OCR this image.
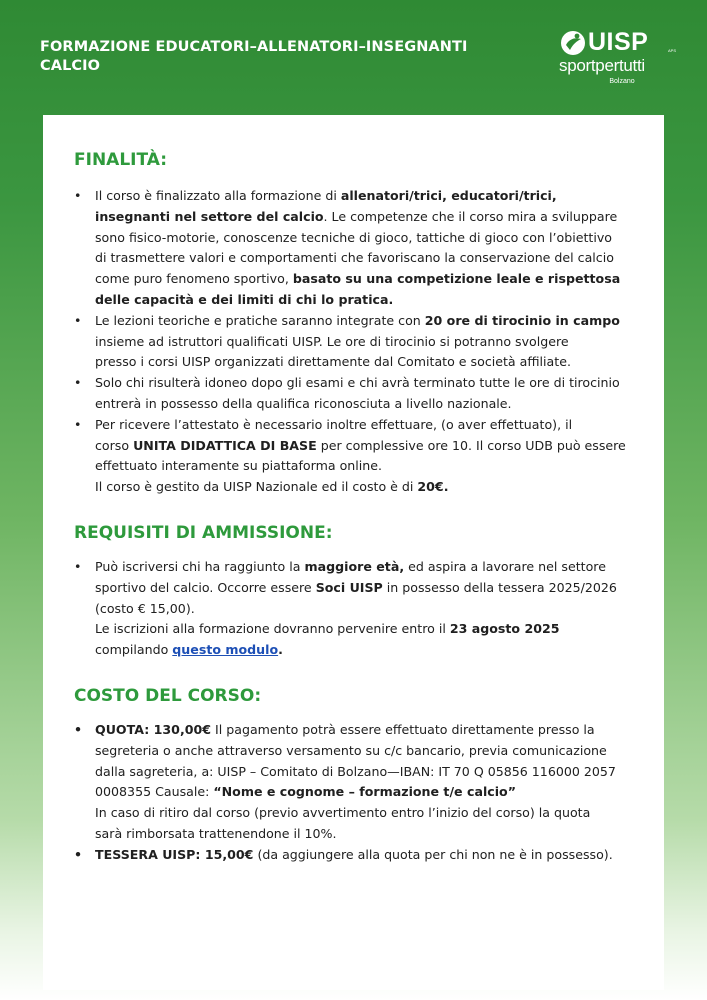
FORMAZIONE EDUCATORI–ALLENATORI–INSEGNANTI
CALCIO
UISP	APS
sportpertutti
Bolzano
FINALITÀ:
• Il corso è finalizzato alla formazione di allenatori/trici, educatori/trici,
insegnanti nel settore del calcio. Le competenze che il corso mira a sviluppare
sono fisico-motorie, conoscenze tecniche di gioco, tattiche di gioco con l’obiettivo
di trasmettere valori e comportamenti che favoriscano la conservazione del calcio
come puro fenomeno sportivo, basato su una competizione leale e rispettosa
delle capacità e dei limiti di chi lo pratica.
• Le lezioni teoriche e pratiche saranno integrate con 20 ore di tirocinio in campo
insieme ad istruttori qualificati UISP. Le ore di tirocinio si potranno svolgere
presso i corsi UISP organizzati direttamente dal Comitato e società affiliate.
• Solo chi risulterà idoneo dopo gli esami e chi avrà terminato tutte le ore di tirocinio
entrerà in possesso della qualifica riconosciuta a livello nazionale.
• Per ricevere l’attestato è necessario inoltre effettuare, (o aver effettuato), il
corso UNITA DIDATTICA DI BASE per complessive ore 10. Il corso UDB può essere
effettuato interamente su piattaforma online.
Il corso è gestito da UISP Nazionale ed il costo è di 20€.
REQUISITI DI AMMISSIONE:
• Può iscriversi chi ha raggiunto la maggiore età, ed aspira a lavorare nel settore
sportivo del calcio. Occorre essere Soci UISP in possesso della tessera 2025/2026
(costo € 15,00).
Le iscrizioni alla formazione dovranno pervenire entro il 23 agosto 2025
compilando questo modulo.
COSTO DEL CORSO:
• QUOTA: 130,00€ Il pagamento potrà essere effettuato direttamente presso la
segreteria o anche attraverso versamento su c/c bancario, previa comunicazione
dalla sagreteria, a: UISP – Comitato di Bolzano—IBAN: IT 70 Q 05856 116000 2057
0008355 Causale: “Nome e cognome – formazione t/e calcio”
In caso di ritiro dal corso (previo avvertimento entro l’inizio del corso) la quota
sarà rimborsata trattenendone il 10%.
• TESSERA UISP: 15,00€ (da aggiungere alla quota per chi non ne è in possesso).
